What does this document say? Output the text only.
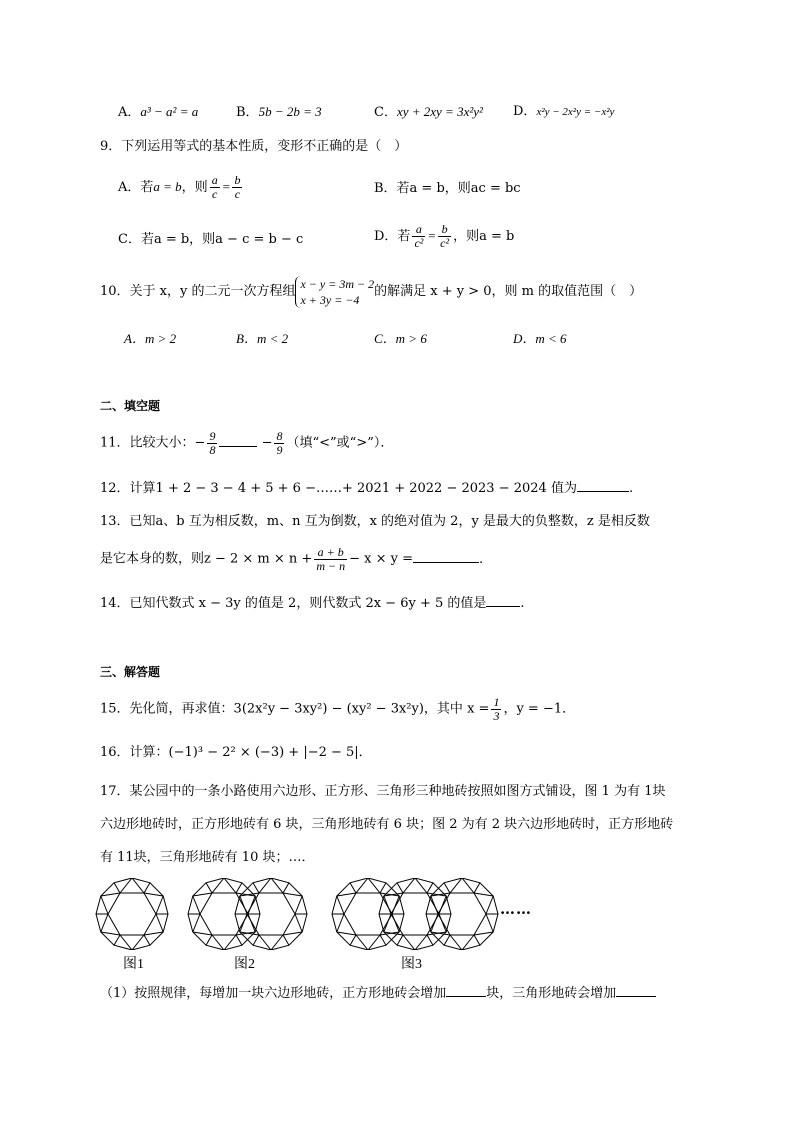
A．a³ − a² = a	B．5b − 2b = 3	C．xy + 2xy = 3x²y² D．x²y − 2x²y = −x²y
9．下列运用等式的基本性质，变形不正确的是（　）
A．若a = b，则 $\frac{a}{c} = \frac{b}{c}$	B．若a = b，则ac = bc
C．若a = b，则a − c = b − c	D．若 $\frac{a}{\text{c²}} = \frac{b}{\text{c²}}$ ，则a = b
10．关于 x，y 的二元一次方程组
x − y = 3m − 2
x + 3y = −4
的解满足 x + y > 0，则 m 的取值范围（　）
A．m > 2	B．m < 2	C．m > 6	D．m < 6
二、填空题
11．比较大小：− $\frac{9}{8}$	− $\frac{8}{9}$ （填“<”或“>”）．
12．计算1 + 2 − 3 − 4 + 5 + 6 −……+ 2021 + 2022 − 2023 − 2024 值为	.
13．已知a、b 互为相反数，m、n 互为倒数，x 的绝对值为 2，y 是最大的负整数，z 是相反数
是它本身的数，则$z - 2 \times m \times n + \frac{a + b}{m - n} - x \times y$ =	.
14．已知代数式 x − 3y 的值是 2，则代数式 2x − 6y + 5 的值是	.
三、解答题
15．先化简，再求值：3(2x²y − 3xy²) − (xy² − 3x²y)，其中 $x = \frac{1}{3}$ ，y = −1．
16．计算：(−1)³ − 2² × (−3) + |−2 − 5|．
17．某公园中的一条小路使用六边形、正方形、三角形三种地砖按照如图方式铺设，图 1 为有 1块
六边形地砖时，正方形地砖有 6 块，三角形地砖有 6 块；图 2 为有 2 块六边形地砖时，正方形地砖
有 11块，三角形地砖有 10 块；…．
……
图1	图2	图3
（1）按照规律，每增加一块六边形地砖，正方形地砖会增加	块，三角形地砖会增加
